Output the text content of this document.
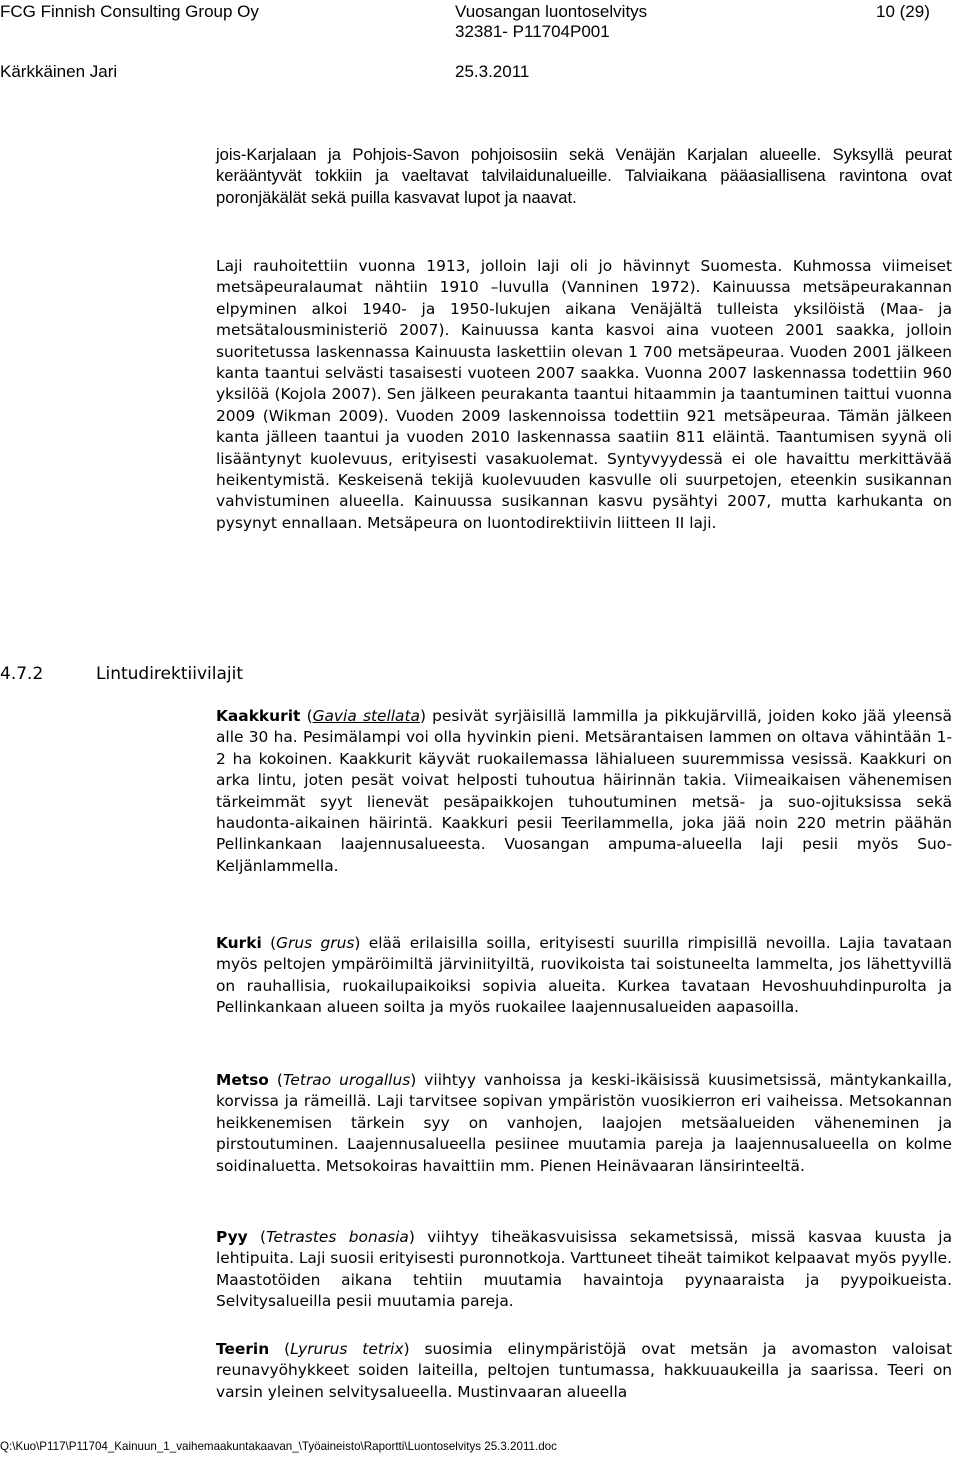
FCG Finnish Consulting Group Oy	Vuosangan luontoselvitys	10 (29)
32381- P11704P001
Kärkkäinen Jari	25.3.2011

jois-Karjalaan ja Pohjois-Savon pohjoisosiin sekä Venäjän Karjalan alueelle. Syksyllä peurat kerääntyvät tokkiin ja vaeltavat talvilaidunalueille. Talviaikana pääasiallisena ravintona ovat poronjäkälät sekä puilla kasvavat lupot ja naavat.

Laji rauhoitettiin vuonna 1913, jolloin laji oli jo hävinnyt Suomesta. Kuhmossa viimeiset metsäpeuralaumat nähtiin 1910 –luvulla (Vanninen 1972). Kainuussa metsäpeurakannan elpyminen alkoi 1940- ja 1950-lukujen aikana Venäjältä tulleista yksilöistä (Maa- ja metsätalousministeriö 2007). Kainuussa kanta kasvoi aina vuoteen 2001 saakka, jolloin suoritetussa laskennassa Kainuusta laskettiin olevan 1 700 metsäpeuraa. Vuoden 2001 jälkeen kanta taantui selvästi tasaisesti vuoteen 2007 saakka. Vuonna 2007 laskennassa todettiin 960 yksilöä (Kojola 2007). Sen jälkeen peurakanta taantui hitaammin ja taantuminen taittui vuonna 2009 (Wikman 2009). Vuoden 2009 laskennoissa todettiin 921 metsäpeuraa. Tämän jälkeen kanta jälleen taantui ja vuoden 2010 laskennassa saatiin 811 eläintä. Taantumisen syynä oli lisääntynyt kuolevuus, erityisesti vasakuolemat. Syntyvyydessä ei ole havaittu merkittävää heikentymistä. Keskeisenä tekijä kuolevuuden kasvulle oli suurpetojen, eteenkin susikannan vahvistuminen alueella. Kainuussa susikannan kasvu pysähtyi 2007, mutta karhukanta on pysynyt ennallaan. Metsäpeura on luontodirektiivin liitteen II laji.

4.7.2	Lintudirektiivilajit

Kaakkurit (Gavia stellata) pesivät syrjäisillä lammilla ja pikkujärvillä, joiden koko jää yleensä alle 30 ha. Pesimälampi voi olla hyvinkin pieni. Metsärantaisen lammen on oltava vähintään 1-2 ha kokoinen. Kaakkurit käyvät ruokailemassa lähialueen suuremmissa vesissä. Kaakkuri on arka lintu, joten pesät voivat helposti tuhoutua häirinnän takia. Viimeaikaisen vähenemisen tärkeimmät syyt lienevät pesäpaikkojen tuhoutuminen metsä- ja suo-ojituksissa sekä haudonta-aikainen häirintä. Kaakkuri pesii Teerilammella, joka jää noin 220 metrin päähän Pellinkankaan laajennusalueesta. Vuosangan ampuma-alueella laji pesii myös Suo-Keljänlammella.

Kurki (Grus grus) elää erilaisilla soilla, erityisesti suurilla rimpisillä nevoilla. Lajia tavataan myös peltojen ympäröimiltä järviniityiltä, ruovikoista tai soistuneelta lammelta, jos lähettyvillä on rauhallisia, ruokailupaikoiksi sopivia alueita. Kurkea tavataan Hevoshuuhdinpurolta ja Pellinkankaan alueen soilta ja myös ruokailee laajennusalueiden aapasoilla.

Metso (Tetrao urogallus) viihtyy vanhoissa ja keski-ikäisissä kuusimetsissä, mäntykankailla, korvissa ja rämeillä. Laji tarvitsee sopivan ympäristön vuosikierron eri vaiheissa. Metsokannan heikkenemisen tärkein syy on vanhojen, laajojen metsäalueiden väheneminen ja pirstoutuminen. Laajennusalueella pesiinee muutamia pareja ja laajennusalueella on kolme soidinaluetta. Metsokoiras havaittiin mm. Pienen Heinävaaran länsirinteeltä.

Pyy (Tetrastes bonasia) viihtyy tiheäkasvuisissa sekametsissä, missä kasvaa kuusta ja lehtipuita. Laji suosii erityisesti puronnotkoja. Varttuneet tiheät taimikot kelpaavat myös pyylle. Maastotöiden aikana tehtiin muutamia havaintoja pyynaaraista ja pyypoikueista. Selvitysalueilla pesii muutamia pareja.

Teerin (Lyrurus tetrix) suosimia elinympäristöjä ovat metsän ja avomaston valoisat reunavyöhykkeet soiden laiteilla, peltojen tuntumassa, hakkuuaukeilla ja saarissa. Teeri on varsin yleinen selvitysalueella. Mustinvaaran alueella

Q:\Kuo\P117\P11704_Kainuun_1_vaihemaakuntakaavan_\Työaineisto\Raportti\Luontoselvitys 25.3.2011.doc
